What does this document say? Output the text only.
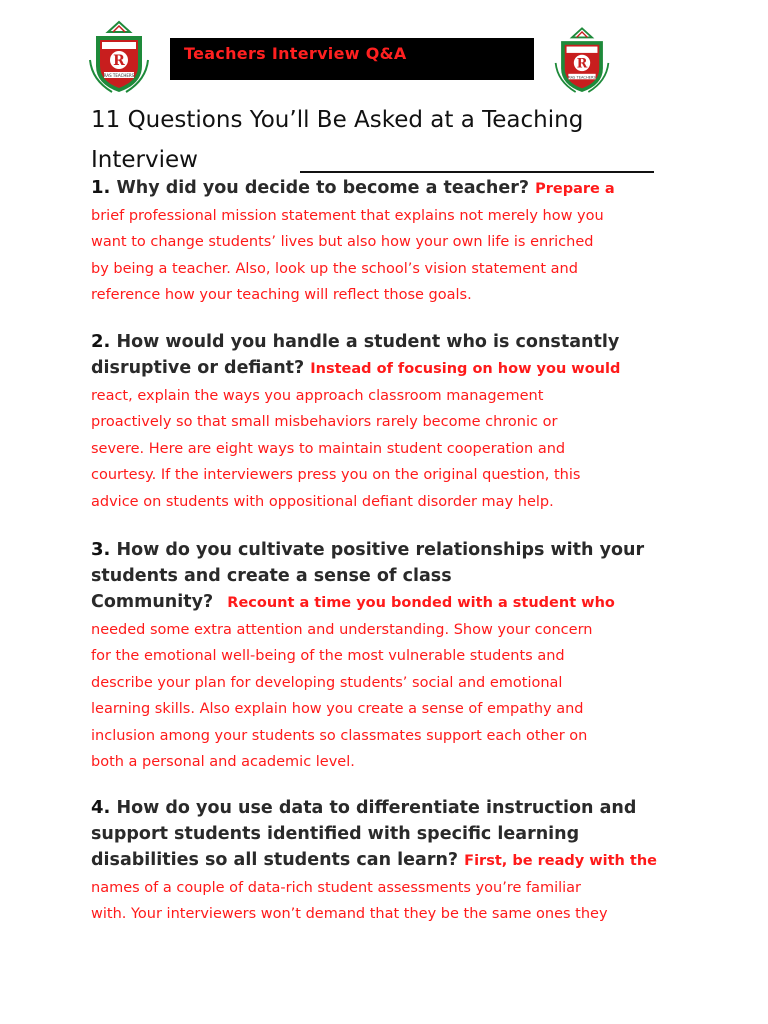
R
RAS TEACHERS
R
RAS TEACHERS
Teachers Interview Q&A
11 Questions You’ll Be Asked at a Teaching
Interview
1. Why did you decide to become a teacher? Prepare a
brief professional mission statement that explains not merely how you
want to change students’ lives but also how your own life is enriched
by being a teacher. Also, look up the school’s vision statement and
reference how your teaching will reflect those goals.
2. How would you handle a student who is constantly
disruptive or defiant? Instead of focusing on how you would
react, explain the ways you approach classroom management
proactively so that small misbehaviors rarely become chronic or
severe. Here are eight ways to maintain student cooperation and
courtesy. If the interviewers press you on the original question, this
advice on students with oppositional defiant disorder may help.
3. How do you cultivate positive relationships with your
students and create a sense of class
Community? Recount a time you bonded with a student who
needed some extra attention and understanding. Show your concern
for the emotional well-being of the most vulnerable students and
describe your plan for developing students’ social and emotional
learning skills. Also explain how you create a sense of empathy and
inclusion among your students so classmates support each other on
both a personal and academic level.
4. How do you use data to differentiate instruction and
support students identified with specific learning
disabilities so all students can learn? First, be ready with the
names of a couple of data-rich student assessments you’re familiar
with. Your interviewers won’t demand that they be the same ones they
